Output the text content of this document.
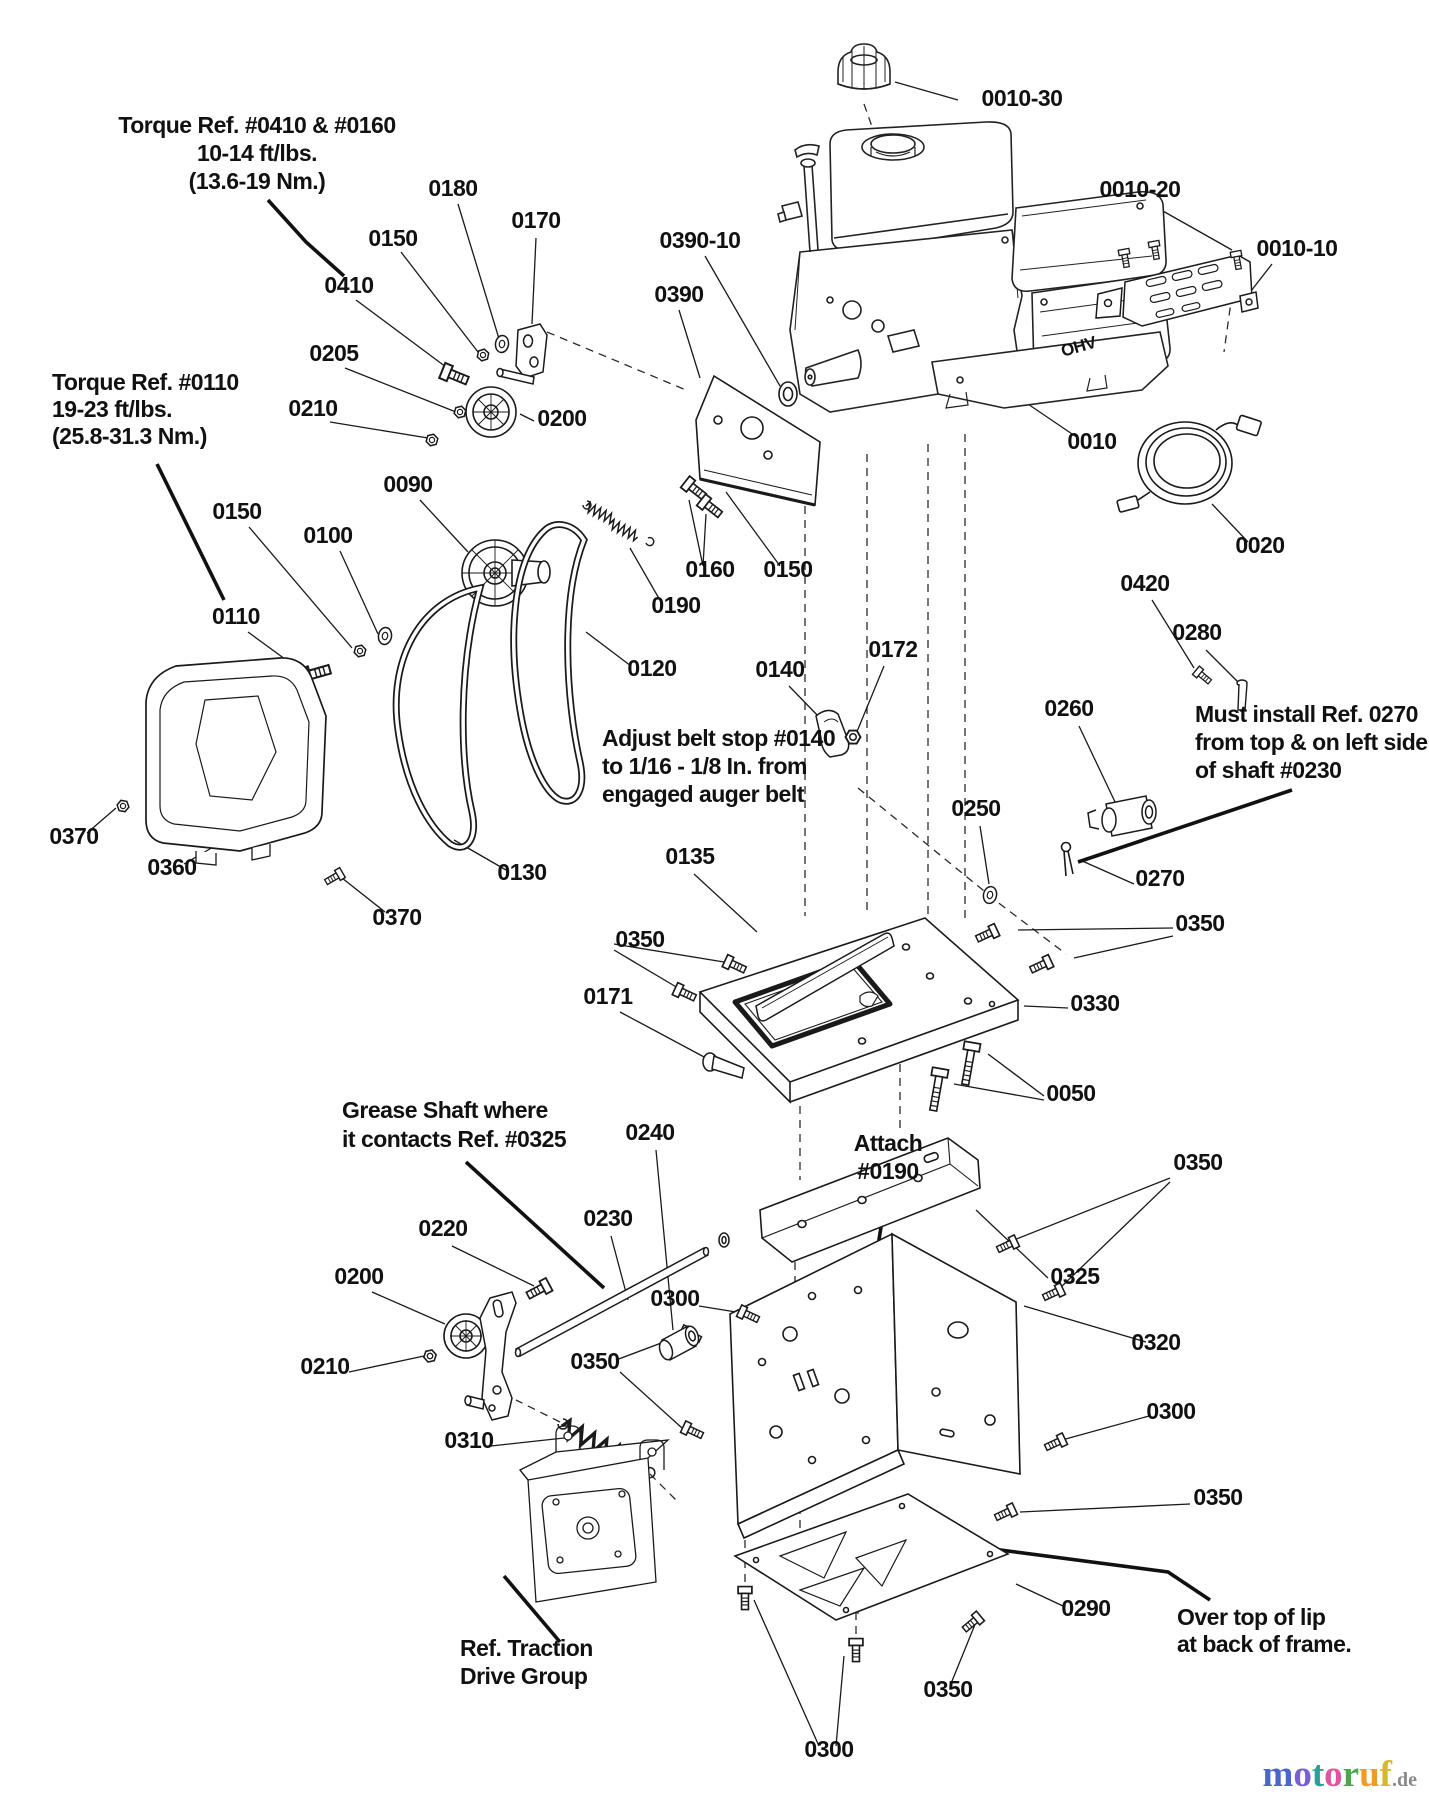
0010-30
0180
0170
0150
0410
0390-10
0390
0010-20
0010-10
0205
0210	0200
0010
0020
0090
0150
0100
0110
0160 0150
0190
0120
0420
0280
0140
0172
0260
0250
0370
0360	0130
0370
0135
0270
0350
0350
0330
0171
0050
0350
0240
0230
0220
0200
0210
0310
0300
0350
0325
0320
0300
0350
0290
0350
0300
OHV
Torque Ref. #0410 & #0160 10-14 ft/lbs. (13.6-19 Nm.)
Torque Ref. #0110 19-23 ft/lbs. (25.8-31.3 Nm.)
Adjust belt stop #0140 to 1/16 - 1/8 In. from engaged auger belt
Must install Ref. 0270 from top & on left side of shaft #0230
Grease Shaft where it contacts Ref. #0325	Attach #0190
Ref. Traction Drive Group
Over top of lip at back of frame.
motoruf.de
